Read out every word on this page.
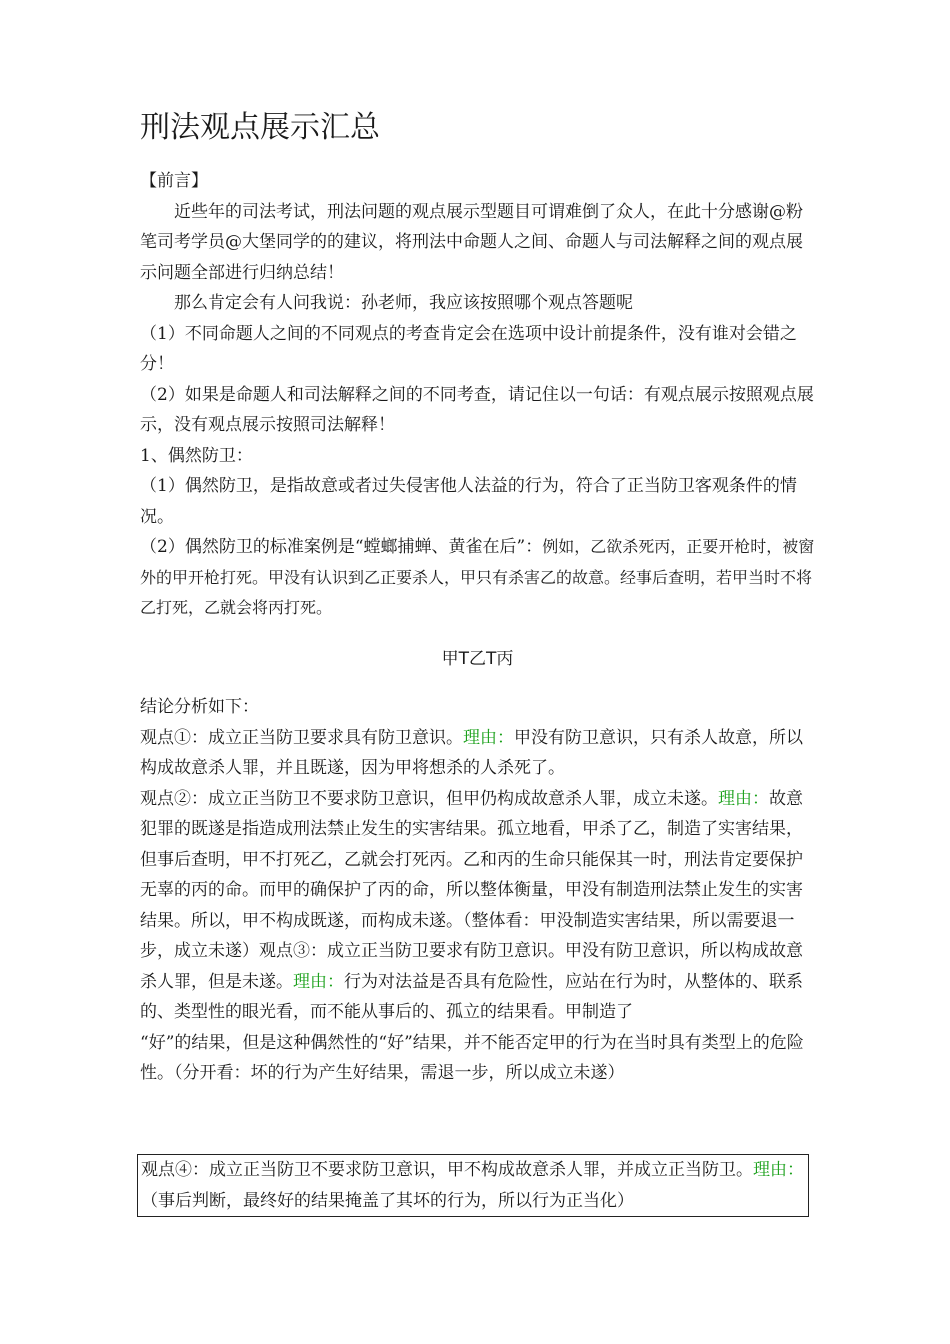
刑法观点展示汇总

【前言】

近些年的司法考试，刑法问题的观点展示型题目可谓难倒了众人，在此十分感谢@粉笔司考学员@大堡同学的的建议，将刑法中命题人之间、命题人与司法解释之间的观点展示问题全部进行归纳总结！

那么肯定会有人问我说：孙老师，我应该按照哪个观点答题呢

（1）不同命题人之间的不同观点的考查肯定会在选项中设计前提条件，没有谁对会错之分！

（2）如果是命题人和司法解释之间的不同考查，请记住以一句话：有观点展示按照观点展示，没有观点展示按照司法解释！

1、偶然防卫：

（1）偶然防卫，是指故意或者过失侵害他人法益的行为，符合了正当防卫客观条件的情况。

（2）偶然防卫的标准案例是“螳螂捕蝉、黄雀在后”：例如，乙欲杀死丙，正要开枪时，被窗外的甲开枪打死。甲没有认识到乙正要杀人，甲只有杀害乙的故意。经事后查明，若甲当时不将乙打死，乙就会将丙打死。

甲T乙T丙

结论分析如下：

观点①：成立正当防卫要求具有防卫意识。理由：甲没有防卫意识，只有杀人故意，所以构成故意杀人罪，并且既遂，因为甲将想杀的人杀死了。

观点②：成立正当防卫不要求防卫意识，但甲仍构成故意杀人罪，成立未遂。理由：故意犯罪的既遂是指造成刑法禁止发生的实害结果。孤立地看，甲杀了乙，制造了实害结果，但事后查明，甲不打死乙，乙就会打死丙。乙和丙的生命只能保其一时，刑法肯定要保护无辜的丙的命。而甲的确保护了丙的命，所以整体衡量，甲没有制造刑法禁止发生的实害结果。所以，甲不构成既遂，而构成未遂。（整体看：甲没制造实害结果，所以需要退一步，成立未遂）观点③：成立正当防卫要求有防卫意识。甲没有防卫意识，所以构成故意杀人罪，但是未遂。理由：行为对法益是否具有危险性，应站在行为时，从整体的、联系的、类型性的眼光看，而不能从事后的、孤立的结果看。甲制造了

“好”的结果，但是这种偶然性的“好”结果，并不能否定甲的行为在当时具有类型上的危险性。（分开看：坏的行为产生好结果，需退一步，所以成立未遂）

观点④：成立正当防卫不要求防卫意识，甲不构成故意杀人罪，并成立正当防卫。理由：（事后判断，最终好的结果掩盖了其坏的行为，所以行为正当化）
